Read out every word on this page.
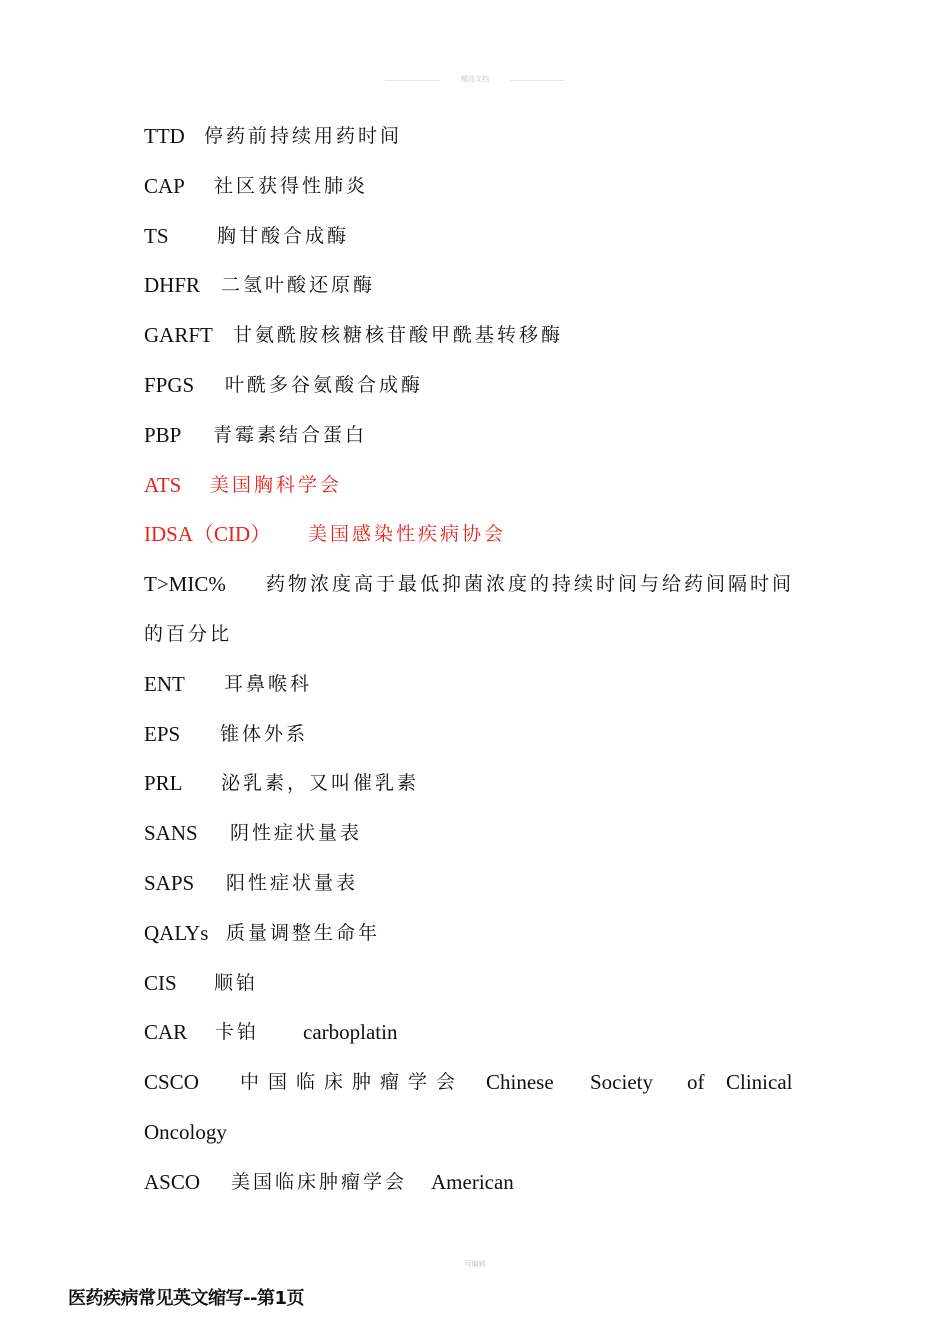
精品文档
TTD 停药前持续用药时间
CAP 社区获得性肺炎
TS	胸甘酸合成酶
DHFR 二氢叶酸还原酶
GARFT 甘氨酰胺核糖核苷酸甲酰基转移酶
FPGS 叶酰多谷氨酸合成酶
PBP 青霉素结合蛋白
ATS 美国胸科学会
IDSA（CID） 美国感染性疾病协会
T>MIC% 药物浓度高于最低抑菌浓度的持续时间与给药间隔时间
的百分比
ENT 耳鼻喉科
EPS 锥体外系
PRL 泌乳素，又叫催乳素
SANS 阴性症状量表
SAPS 阳性症状量表
QALYs 质量调整生命年
CIS 顺铂
CAR 卡铂 carboplatin
CSCO 中国临床肿瘤学会 Chinese Society of Clinical
Oncology
ASCO 美国临床肿瘤学会 American
可编辑
医药疾病常见英文缩写--第1页
